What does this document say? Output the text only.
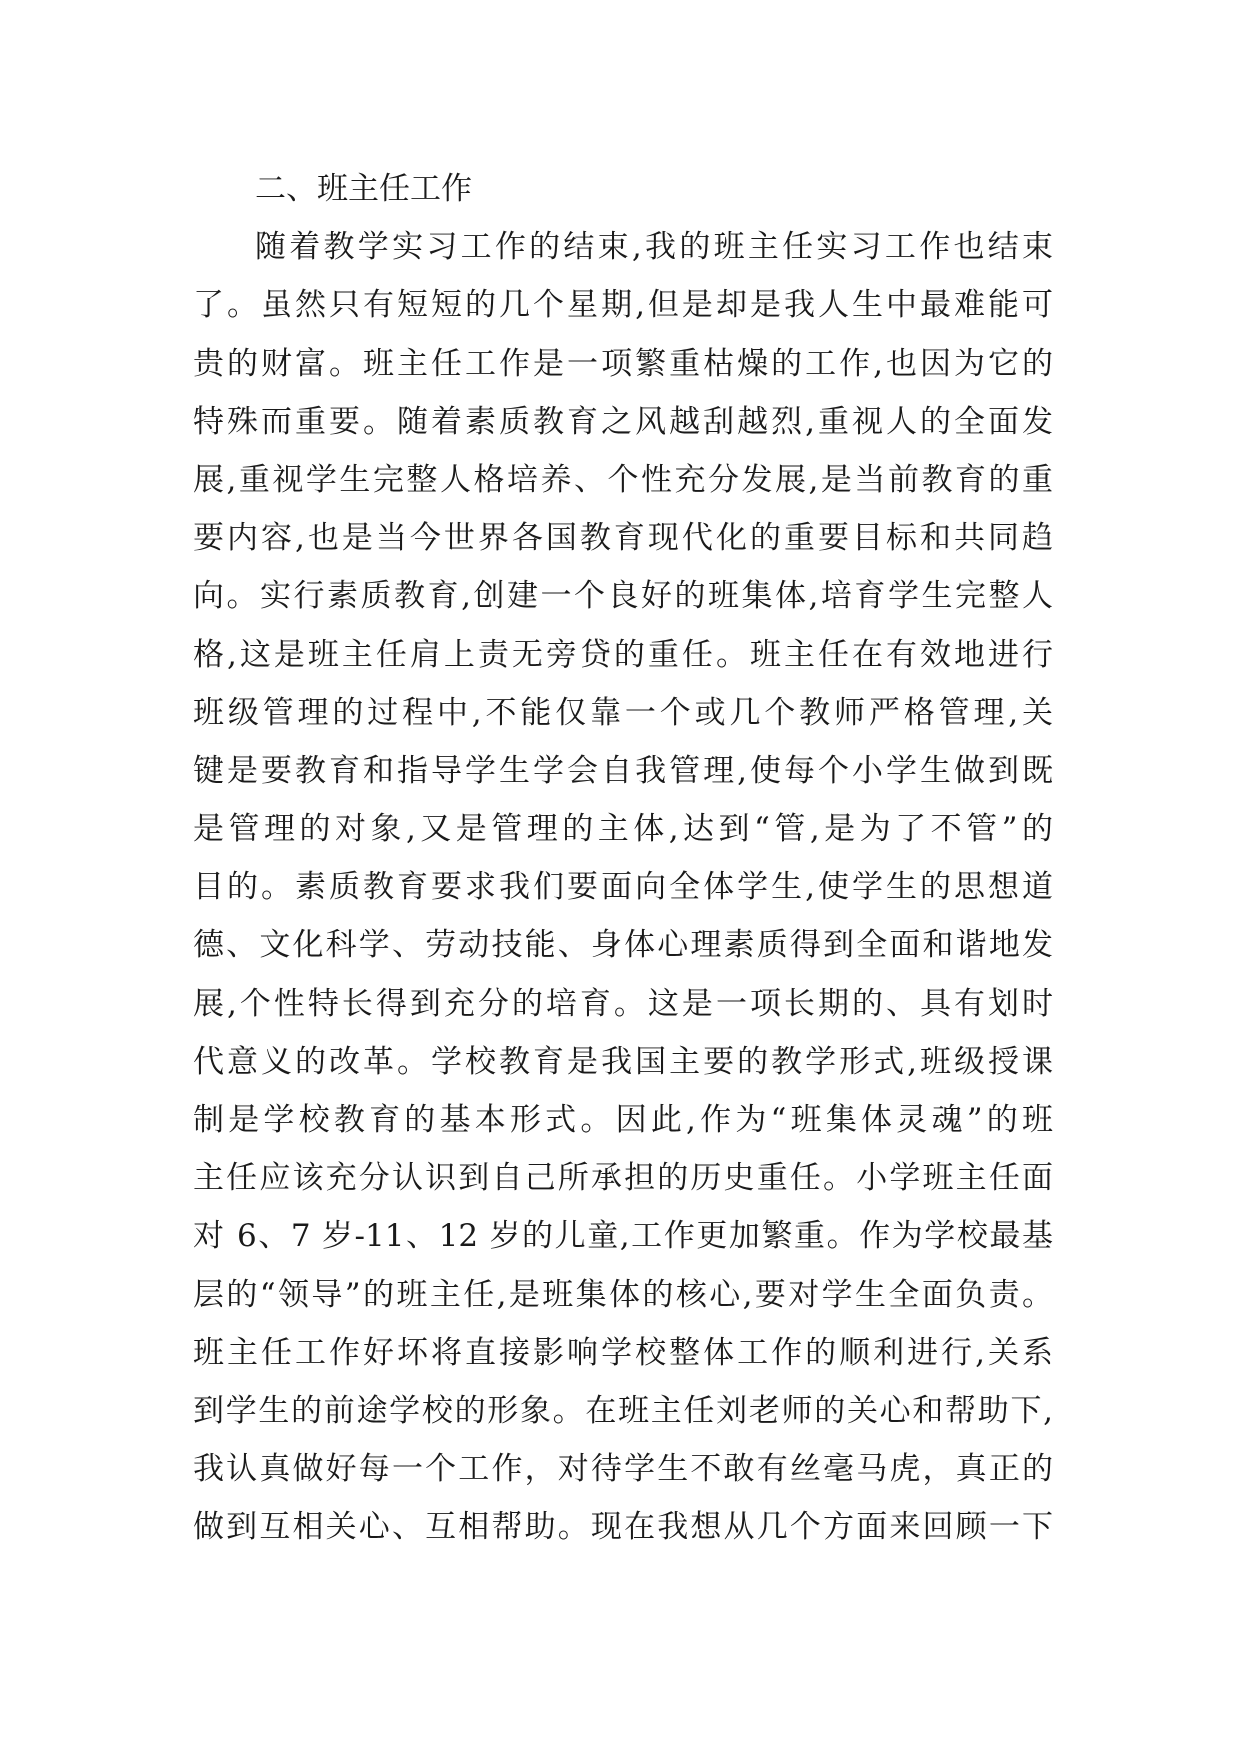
二、班主任工作
随着教学实习工作的结束,我的班主任实习工作也结束
了。虽然只有短短的几个星期,但是却是我人生中最难能可
贵的财富。班主任工作是一项繁重枯燥的工作,也因为它的
特殊而重要。随着素质教育之风越刮越烈,重视人的全面发
展,重视学生完整人格培养、个性充分发展,是当前教育的重
要内容,也是当今世界各国教育现代化的重要目标和共同趋
向。实行素质教育,创建一个良好的班集体,培育学生完整人
格,这是班主任肩上责无旁贷的重任。班主任在有效地进行
班级管理的过程中,不能仅靠一个或几个教师严格管理,关
键是要教育和指导学生学会自我管理,使每个小学生做到既
是管理的对象,又是管理的主体,达到“管,是为了不管”的
目的。素质教育要求我们要面向全体学生,使学生的思想道
德、文化科学、劳动技能、身体心理素质得到全面和谐地发
展,个性特长得到充分的培育。这是一项长期的、具有划时
代意义的改革。学校教育是我国主要的教学形式,班级授课
制是学校教育的基本形式。因此,作为“班集体灵魂”的班
主任应该充分认识到自己所承担的历史重任。小学班主任面
对 6、7 岁-11、12 岁的儿童,工作更加繁重。作为学校最基
层的“领导”的班主任,是班集体的核心,要对学生全面负责。
班主任工作好坏将直接影响学校整体工作的顺利进行,关系
到学生的前途学校的形象。在班主任刘老师的关心和帮助下,
我认真做好每一个工作，对待学生不敢有丝毫马虎，真正的
做到互相关心、互相帮助。现在我想从几个方面来回顾一下
